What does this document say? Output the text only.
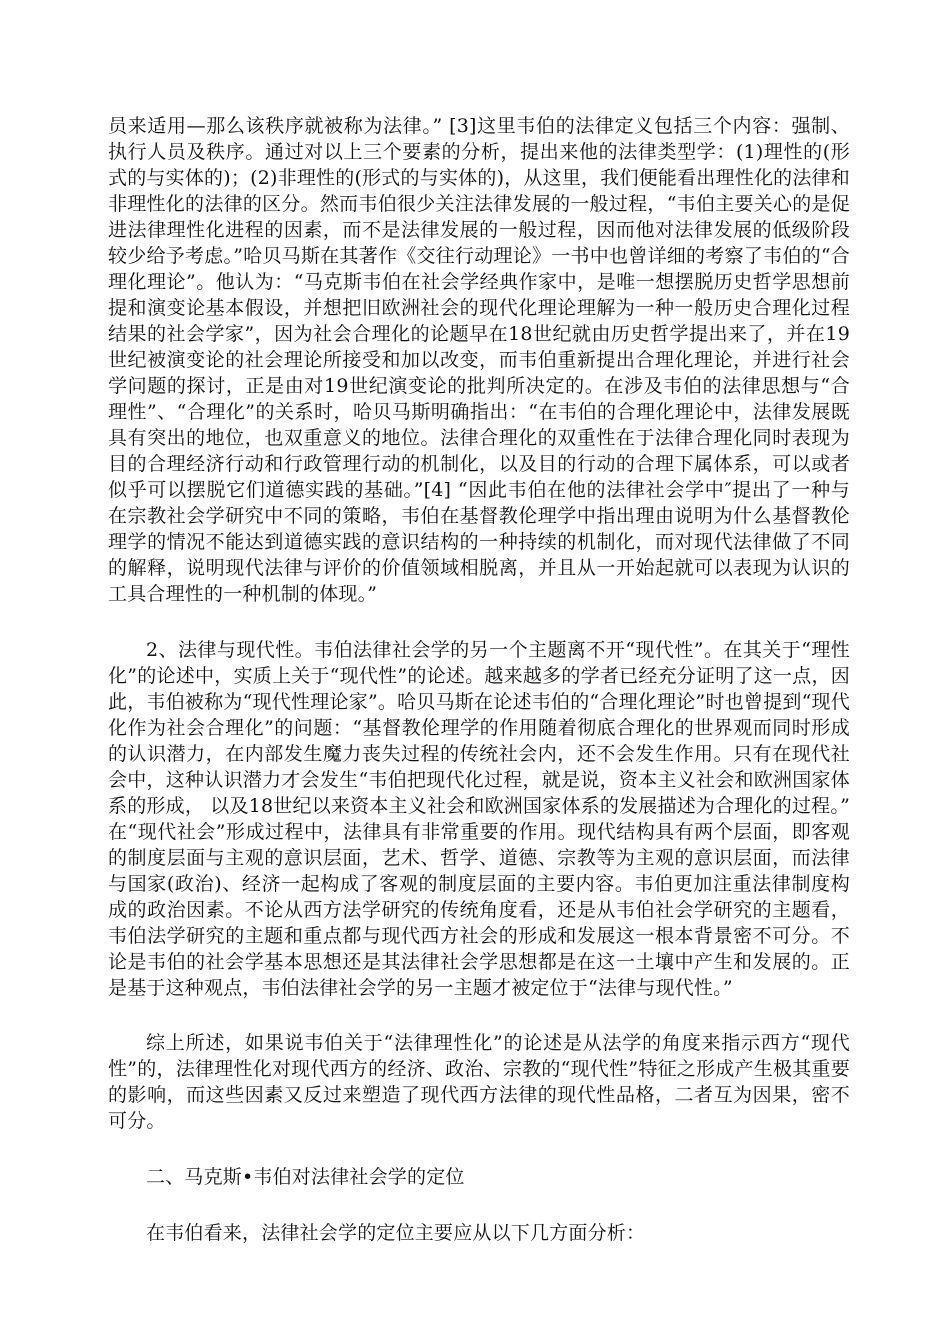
员来适用—那么该秩序就被称为法律。” [3]这里韦伯的法律定义包括三个内容：强制、执行人员及秩序。通过对以上三个要素的分析，提出来他的法律类型学：(1)理性的(形式的与实体的)；(2)非理性的(形式的与实体的)，从这里，我们便能看出理性化的法律和非理性化的法律的区分。然而韦伯很少关注法律发展的一般过程，“韦伯主要关心的是促进法律理性化进程的因素，而不是法律发展的一般过程，因而他对法律发展的低级阶段较少给予考虑。”哈贝马斯在其著作《交往行动理论》一书中也曾详细的考察了韦伯的“合理化理论”。他认为：“马克斯韦伯在社会学经典作家中，是唯一想摆脱历史哲学思想前提和演变论基本假设，并想把旧欧洲社会的现代化理论理解为一种一般历史合理化过程结果的社会学家”，因为社会合理化的论题早在18世纪就由历史哲学提出来了，并在19世纪被演变论的社会理论所接受和加以改变，而韦伯重新提出合理化理论，并进行社会学问题的探讨，正是由对19世纪演变论的批判所决定的。在涉及韦伯的法律思想与“合理性”、“合理化”的关系时，哈贝马斯明确指出：“在韦伯的合理化理论中，法律发展既具有突出的地位，也双重意义的地位。法律合理化的双重性在于法律合理化同时表现为目的合理经济行动和行政管理行动的机制化，以及目的行动的合理下属体系，可以或者似乎可以摆脱它们道德实践的基础。”[4] “因此韦伯在他的法律社会学中″提出了一种与在宗教社会学研究中不同的策略，韦伯在基督教伦理学中指出理由说明为什么基督教伦理学的情况不能达到道德实践的意识结构的一种持续的机制化，而对现代法律做了不同的解释，说明现代法律与评价的价值领域相脱离，并且从一开始起就可以表现为认识的工具合理性的一种机制的体现。”

2、法律与现代性。韦伯法律社会学的另一个主题离不开“现代性”。在其关于“理性化”的论述中，实质上关于“现代性”的论述。越来越多的学者已经充分证明了这一点，因此，韦伯被称为“现代性理论家”。哈贝马斯在论述韦伯的“合理化理论”时也曾提到“现代化作为社会合理化”的问题：“基督教伦理学的作用随着彻底合理化的世界观而同时形成的认识潜力，在内部发生魔力丧失过程的传统社会内，还不会发生作用。只有在现代社会中，这种认识潜力才会发生“韦伯把现代化过程，就是说，资本主义社会和欧洲国家体系的形成， 以及18世纪以来资本主义社会和欧洲国家体系的发展描述为合理化的过程。” 在“现代社会”形成过程中，法律具有非常重要的作用。现代结构具有两个层面，即客观的制度层面与主观的意识层面，艺术、哲学、道德、宗教等为主观的意识层面，而法律与国家(政治)、经济一起构成了客观的制度层面的主要内容。韦伯更加注重法律制度构成的政治因素。不论从西方法学研究的传统角度看，还是从韦伯社会学研究的主题看，韦伯法学研究的主题和重点都与现代西方社会的形成和发展这一根本背景密不可分。不论是韦伯的社会学基本思想还是其法律社会学思想都是在这一土壤中产生和发展的。正是基于这种观点，韦伯法律社会学的另一主题才被定位于“法律与现代性。”

综上所述，如果说韦伯关于“法律理性化”的论述是从法学的角度来指示西方“现代性”的，法律理性化对现代西方的经济、政治、宗教的“现代性”特征之形成产生极其重要的影响，而这些因素又反过来塑造了现代西方法律的现代性品格，二者互为因果，密不可分。

二、马克斯•韦伯对法律社会学的定位

在韦伯看来，法律社会学的定位主要应从以下几方面分析：
